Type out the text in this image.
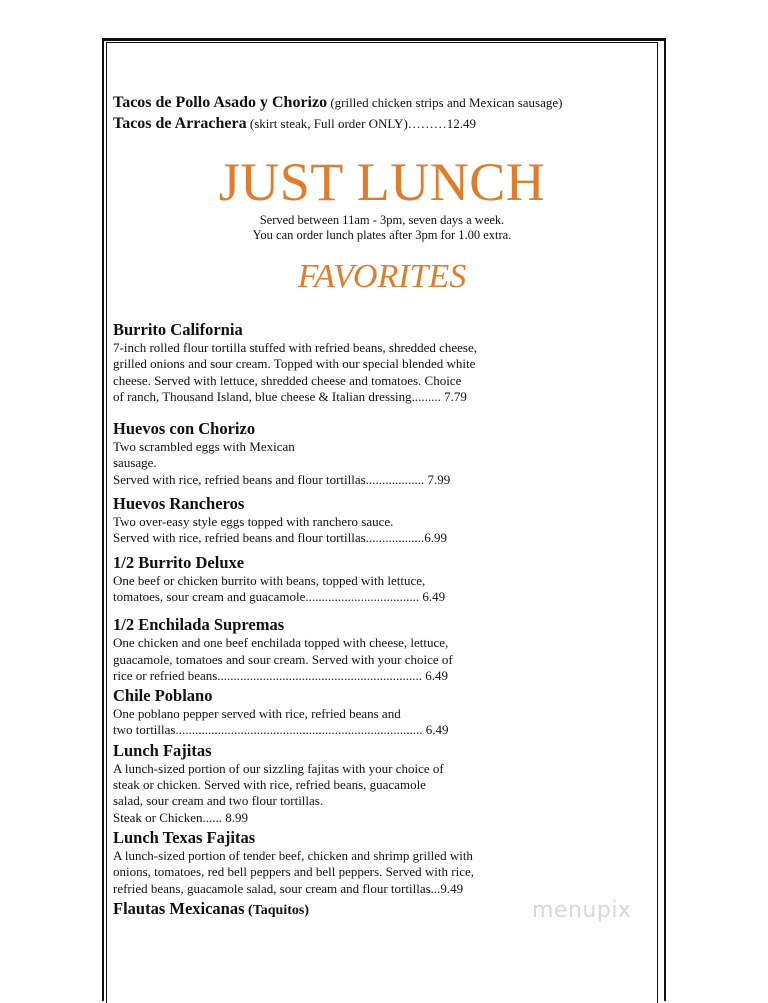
Tacos de Pollo Asado y Chorizo (grilled chicken strips and Mexican sausage)
Tacos de Arrachera (skirt steak, Full order ONLY)………12.49
JUST LUNCH
Served between 11am - 3pm, seven days a week.
You can order lunch plates after 3pm for 1.00 extra.
FAVORITES
Burrito California
7-inch rolled flour tortilla stuffed with refried beans, shredded cheese,
grilled onions and sour cream. Topped with our special blended white
cheese. Served with lettuce, shredded cheese and tomatoes. Choice
of ranch, Thousand Island, blue cheese & Italian dressing......... 7.79
Huevos con Chorizo
Two scrambled eggs with Mexican
sausage.
Served with rice, refried beans and flour tortillas.................. 7.99
Huevos Rancheros
Two over-easy style eggs topped with ranchero sauce.
Served with rice, refried beans and flour tortillas..................6.99
1/2 Burrito Deluxe
One beef or chicken burrito with beans, topped with lettuce,
tomatoes, sour cream and guacamole................................... 6.49
1/2 Enchilada Supremas
One chicken and one beef enchilada topped with cheese, lettuce,
guacamole, tomatoes and sour cream. Served with your choice of
rice or refried beans............................................................... 6.49
Chile Poblano
One poblano pepper served with rice, refried beans and
two tortillas............................................................................ 6.49
Lunch Fajitas
A lunch-sized portion of our sizzling fajitas with your choice of
steak or chicken. Served with rice, refried beans, guacamole
salad, sour cream and two flour tortillas.
Steak or Chicken...... 8.99
Lunch Texas Fajitas
A lunch-sized portion of tender beef, chicken and shrimp grilled with
onions, tomatoes, red bell peppers and bell peppers. Served with rice,
refried beans, guacamole salad, sour cream and flour tortillas...9.49
Flautas Mexicanas (Taquitos)	menupix
